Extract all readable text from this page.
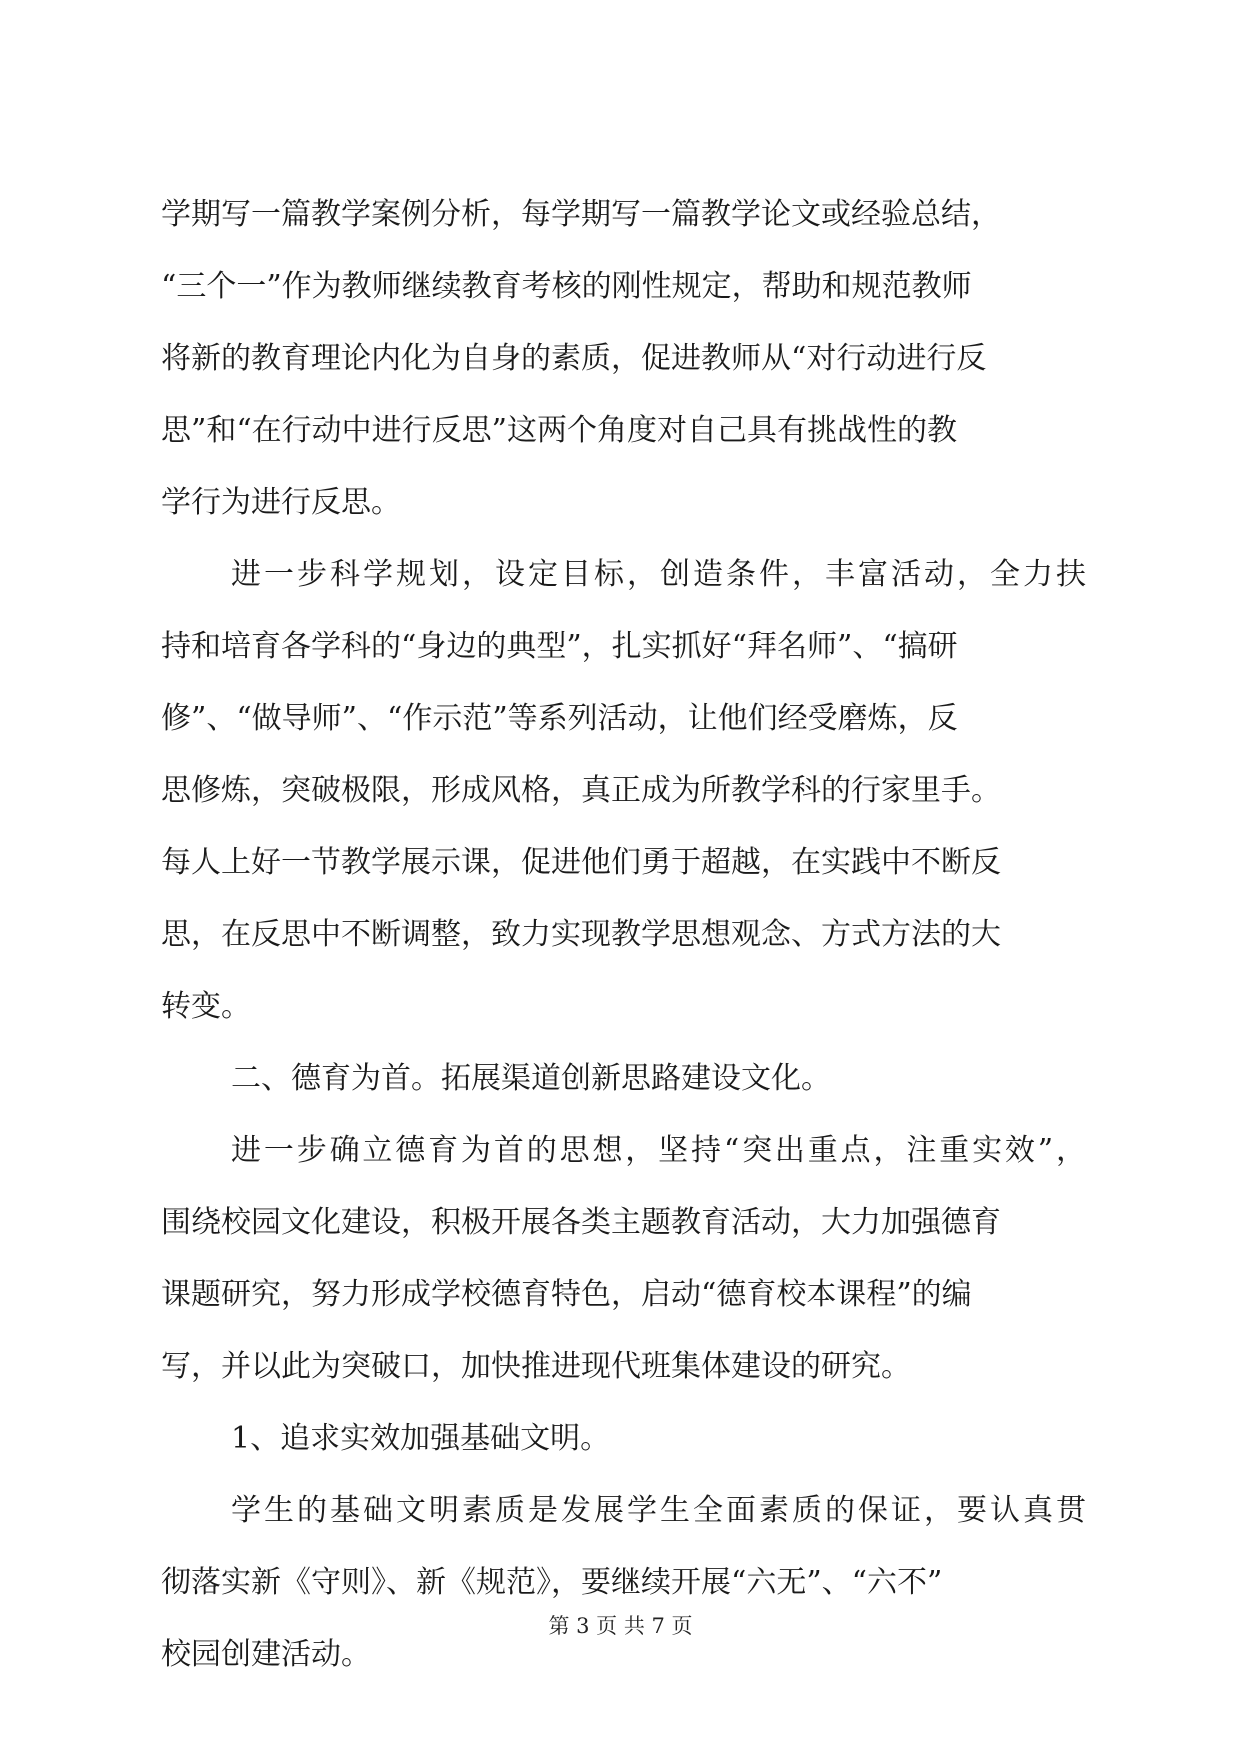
学期写一篇教学案例分析，每学期写一篇教学论文或经验总结，
“三个一”作为教师继续教育考核的刚性规定，帮助和规范教师
将新的教育理论内化为自身的素质，促进教师从“对行动进行反
思”和“在行动中进行反思”这两个角度对自己具有挑战性的教
学行为进行反思。
进一步科学规划，设定目标，创造条件，丰富活动，全力扶
持和培育各学科的“身边的典型”，扎实抓好“拜名师”、“搞研
修”、“做导师”、“作示范”等系列活动，让他们经受磨炼，反
思修炼，突破极限，形成风格，真正成为所教学科的行家里手。
每人上好一节教学展示课，促进他们勇于超越，在实践中不断反
思，在反思中不断调整，致力实现教学思想观念、方式方法的大
转变。
二、德育为首。拓展渠道创新思路建设文化。
进一步确立德育为首的思想，坚持“突出重点，注重实效”，
围绕校园文化建设，积极开展各类主题教育活动，大力加强德育
课题研究，努力形成学校德育特色，启动“德育校本课程”的编
写，并以此为突破口，加快推进现代班集体建设的研究。
1、追求实效加强基础文明。
学生的基础文明素质是发展学生全面素质的保证，要认真贯
彻落实新《守则》、新《规范》，要继续开展“六无”、“六不”
校园创建活动。
第 3 页 共 7 页
